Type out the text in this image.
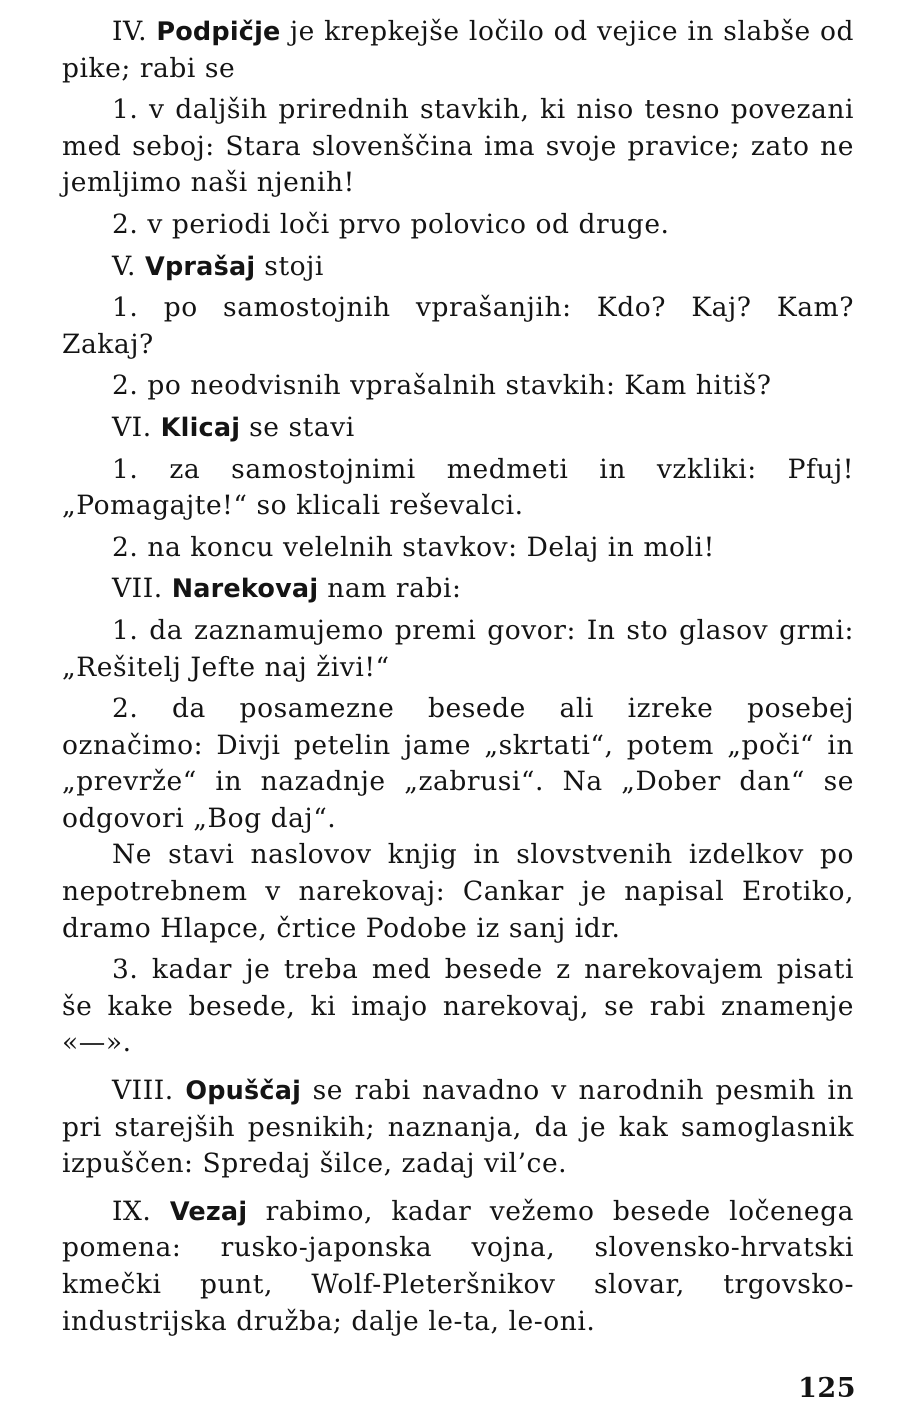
IV. Podpičje je krepkejše ločilo od vejice in slabše od pike; rabi se

1. v daljših prirednih stavkih, ki niso tesno povezani med seboj: Stara slovenščina ima svoje pravice; zato ne jemljimo naši njenih!

2. v periodi loči prvo polovico od druge.

V. Vprašaj stoji

1. po samostojnih vprašanjih: Kdo? Kaj? Kam? Zakaj?

2. po neodvisnih vprašalnih stavkih: Kam hitiš?

VI. Klicaj se stavi

1. za samostojnimi medmeti in vzkliki: Pfuj! „Pomagajte!“ so klicali reševalci.

2. na koncu velelnih stavkov: Delaj in moli!

VII. Narekovaj nam rabi:

1. da zaznamujemo premi govor: In sto glasov grmi: „Rešitelj Jefte naj živi!“

2. da posamezne besede ali izreke posebej označimo: Divji petelin jame „skrtati“, potem „poči“ in „prevrže“ in nazadnje „zabrusi“. Na „Dober dan“ se odgovori „Bog daj“.

Ne stavi naslovov knjig in slovstvenih izdelkov po nepotrebnem v narekovaj: Cankar je napisal Erotiko, dramo Hlapce, črtice Podobe iz sanj idr.

3. kadar je treba med besede z narekovajem pisati še kake besede, ki imajo narekovaj, se rabi znamenje «—».

VIII. Opuščaj se rabi navadno v narodnih pesmih in pri starejših pesnikih; naznanja, da je kak samoglasnik izpuščen: Spredaj šilce, zadaj vil’ce.

IX. Vezaj rabimo, kadar vežemo besede ločenega pomena: rusko-japonska vojna, slovensko-hrvatski kmečki punt, Wolf-Pleteršnikov slovar, trgovsko-industrijska družba; dalje le-ta, le-oni.

125
